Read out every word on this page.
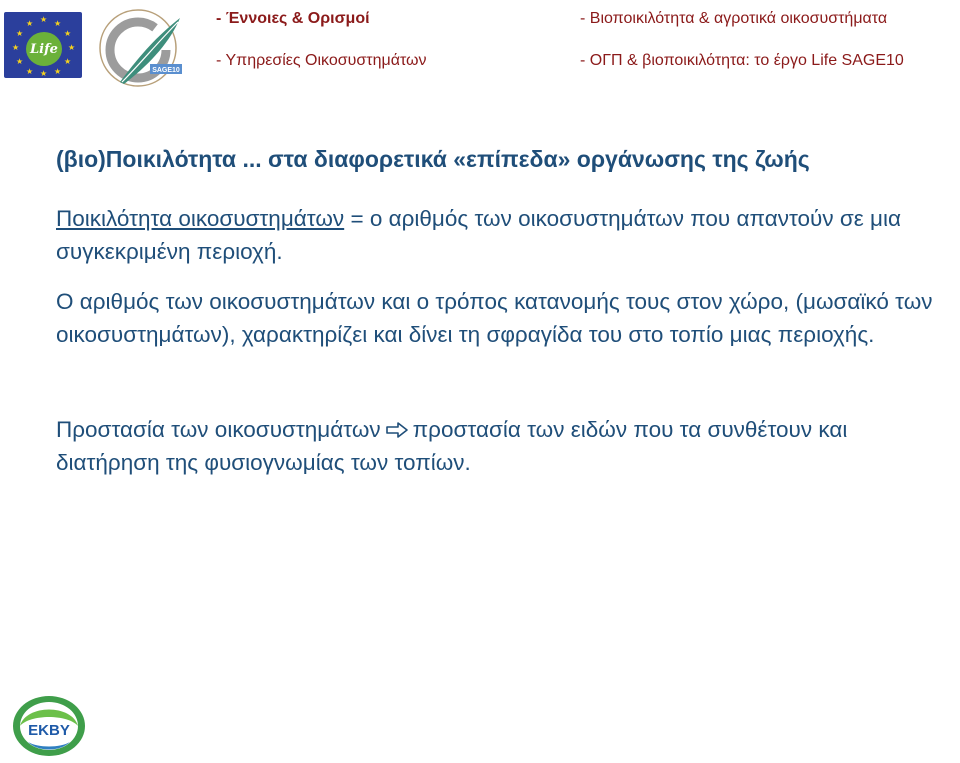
★ ★
★
★
★
★
★
★
★
★
★
★
Life
SAGE10
- Έννοιες & Ορισμοί
- Υπηρεσίες Οικοσυστημάτων
- Βιοποικιλότητα & αγροτικά οικοσυστήματα
- ΟΓΠ & βιοποικιλότητα: το έργο Life SAGE10
(βιο)Ποικιλότητα ... στα διαφορετικά «επίπεδα» οργάνωσης της ζωής
Ποικιλότητα οικοσυστημάτων = ο αριθμός των οικοσυστημάτων που απαντούν σε μια συγκεκριμένη περιοχή.
Ο αριθμός των οικοσυστημάτων και ο τρόπος κατανομής τους στον χώρο, (μωσαϊκό των οικοσυστημάτων), χαρακτηρίζει και δίνει τη σφραγίδα του στο τοπίο μιας περιοχής.
Προστασία των οικοσυστημάτων προστασία των ειδών που τα συνθέτουν και διατήρηση της φυσιογνωμίας των τοπίων.
ΕΚΒΥ
